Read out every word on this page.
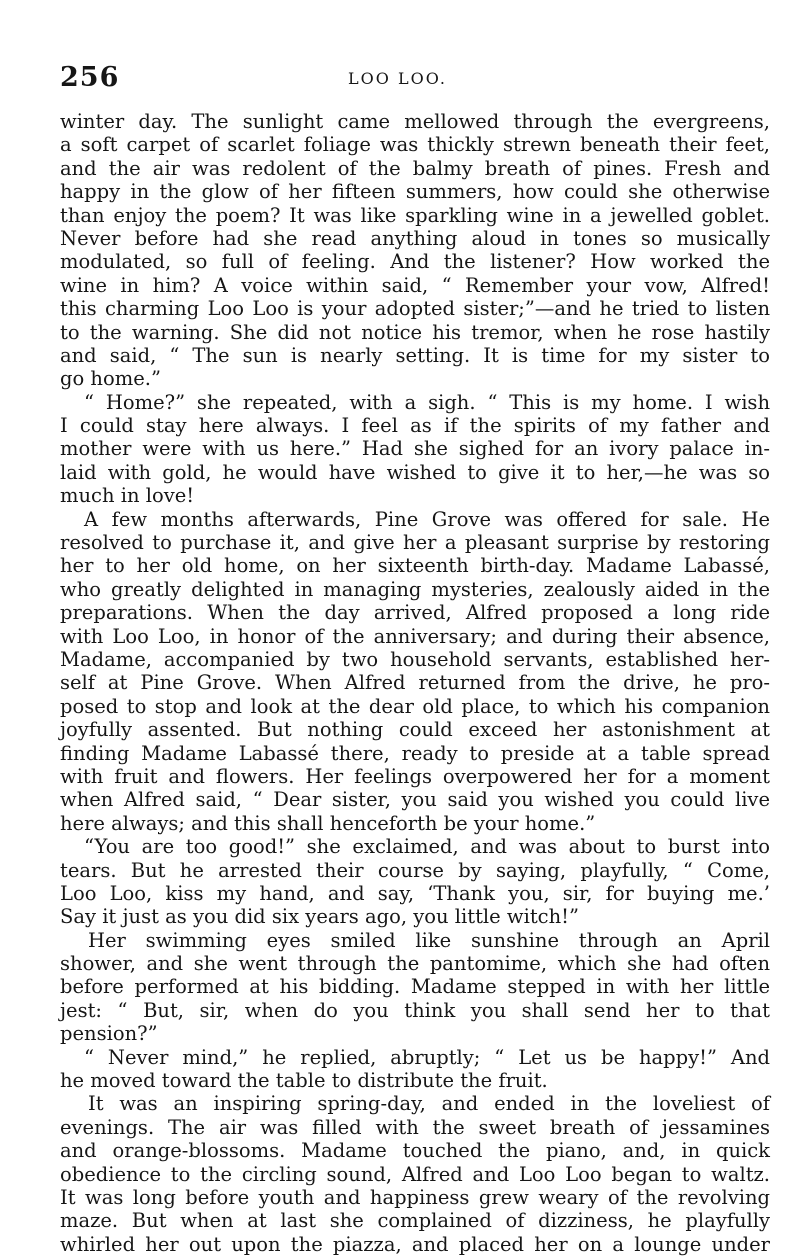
256	LOO LOO.
winter day. The sunlight came mellowed through the evergreens,
a soft carpet of scarlet foliage was thickly strewn beneath their feet,
and the air was redolent of the balmy breath of pines. Fresh and
happy in the glow of her fifteen summers, how could she otherwise
than enjoy the poem? It was like sparkling wine in a jewelled goblet.
Never before had she read anything aloud in tones so musically
modulated, so full of feeling. And the listener? How worked the
wine in him? A voice within said, “ Remember your vow, Alfred!
this charming Loo Loo is your adopted sister;”—and he tried to listen
to the warning. She did not notice his tremor, when he rose hastily
and said, “ The sun is nearly setting. It is time for my sister to
go home.”
“ Home?” she repeated, with a sigh. “ This is my home. I wish
I could stay here always. I feel as if the spirits of my father and
mother were with us here.” Had she sighed for an ivory palace in-
laid with gold, he would have wished to give it to her,—he was so
much in love!
A few months afterwards, Pine Grove was offered for sale. He
resolved to purchase it, and give her a pleasant surprise by restoring
her to her old home, on her sixteenth birth-day. Madame Labassé,
who greatly delighted in managing mysteries, zealously aided in the
preparations. When the day arrived, Alfred proposed a long ride
with Loo Loo, in honor of the anniversary; and during their absence,
Madame, accompanied by two household servants, established her-
self at Pine Grove. When Alfred returned from the drive, he pro-
posed to stop and look at the dear old place, to which his companion
joyfully assented. But nothing could exceed her astonishment at
finding Madame Labassé there, ready to preside at a table spread
with fruit and flowers. Her feelings overpowered her for a moment
when Alfred said, “ Dear sister, you said you wished you could live
here always; and this shall henceforth be your home.”
“You are too good!” she exclaimed, and was about to burst into
tears. But he arrested their course by saying, playfully, “ Come,
Loo Loo, kiss my hand, and say, ‘Thank you, sir, for buying me.’
Say it just as you did six years ago, you little witch!”
Her swimming eyes smiled like sunshine through an April
shower, and she went through the pantomime, which she had often
before performed at his bidding. Madame stepped in with her little
jest: “ But, sir, when do you think you shall send her to that
pension?”
“ Never mind,” he replied, abruptly; “ Let us be happy!” And
he moved toward the table to distribute the fruit.
It was an inspiring spring-day, and ended in the loveliest of
evenings. The air was filled with the sweet breath of jessamines
and orange-blossoms. Madame touched the piano, and, in quick
obedience to the circling sound, Alfred and Loo Loo began to waltz.
It was long before youth and happiness grew weary of the revolving
maze. But when at last she complained of dizziness, he playfully
whirled her out upon the piazza, and placed her on a lounge under
